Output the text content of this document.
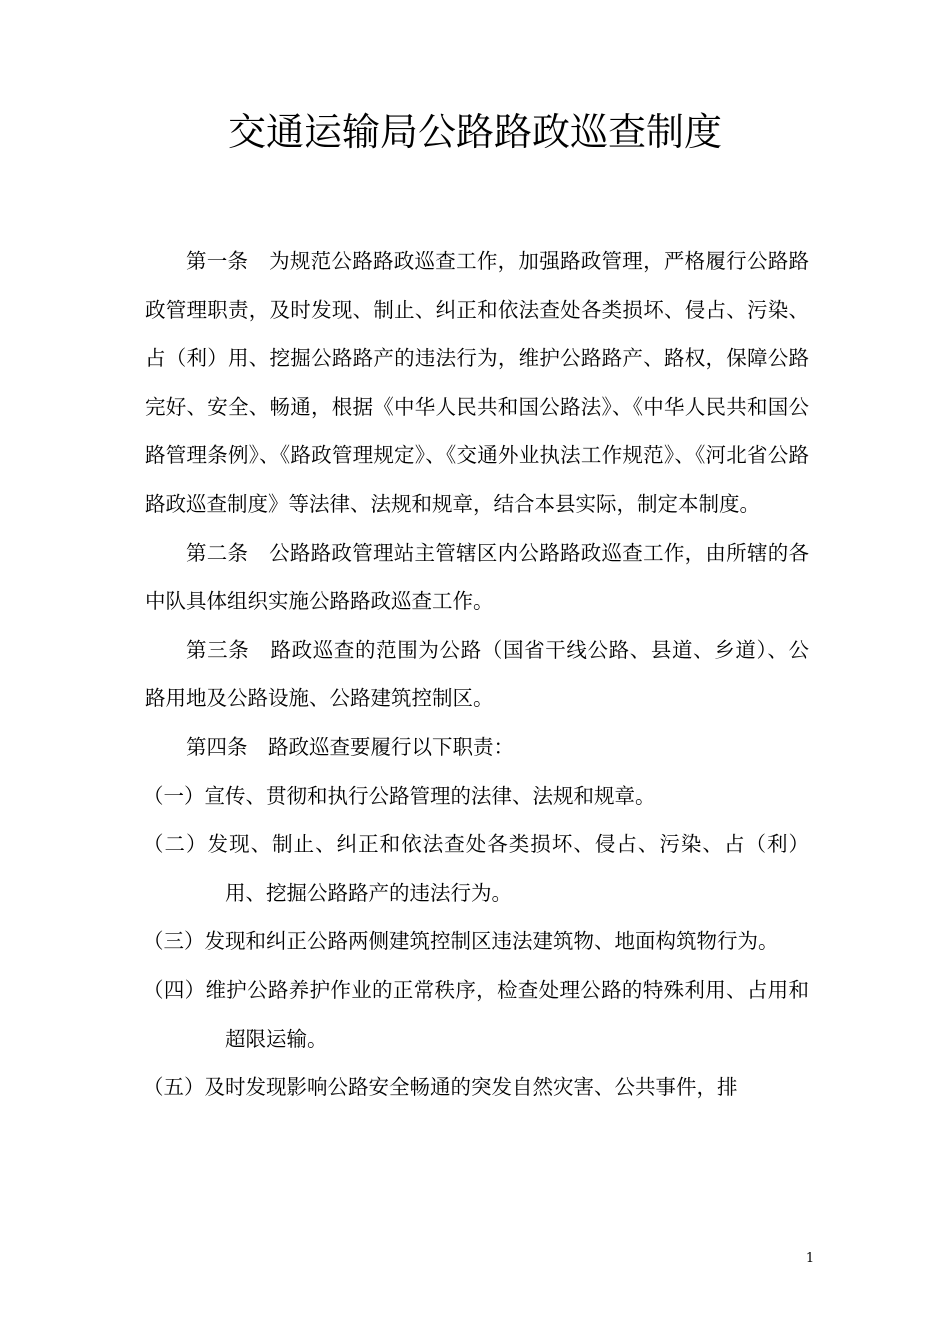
交通运输局公路路政巡查制度

第一条　为规范公路路政巡查工作，加强路政管理，严格履行公路路政管理职责，及时发现、制止、纠正和依法查处各类损坏、侵占、污染、占（利）用、挖掘公路路产的违法行为，维护公路路产、路权，保障公路完好、安全、畅通，根据《中华人民共和国公路法》、《中华人民共和国公路管理条例》、《路政管理规定》、《交通外业执法工作规范》、《河北省公路路政巡查制度》等法律、法规和规章，结合本县实际，制定本制度。

第二条　公路路政管理站主管辖区内公路路政巡查工作，由所辖的各中队具体组织实施公路路政巡查工作。

第三条　路政巡查的范围为公路（国省干线公路、县道、乡道）、公路用地及公路设施、公路建筑控制区。

第四条　路政巡查要履行以下职责：

（一）宣传、贯彻和执行公路管理的法律、法规和规章。

（二）发现、制止、纠正和依法查处各类损坏、侵占、污染、占（利）用、挖掘公路路产的违法行为。

（三）发现和纠正公路两侧建筑控制区违法建筑物、地面构筑物行为。

（四）维护公路养护作业的正常秩序，检查处理公路的特殊利用、占用和超限运输。

（五）及时发现影响公路安全畅通的突发自然灾害、公共事件，排

1
